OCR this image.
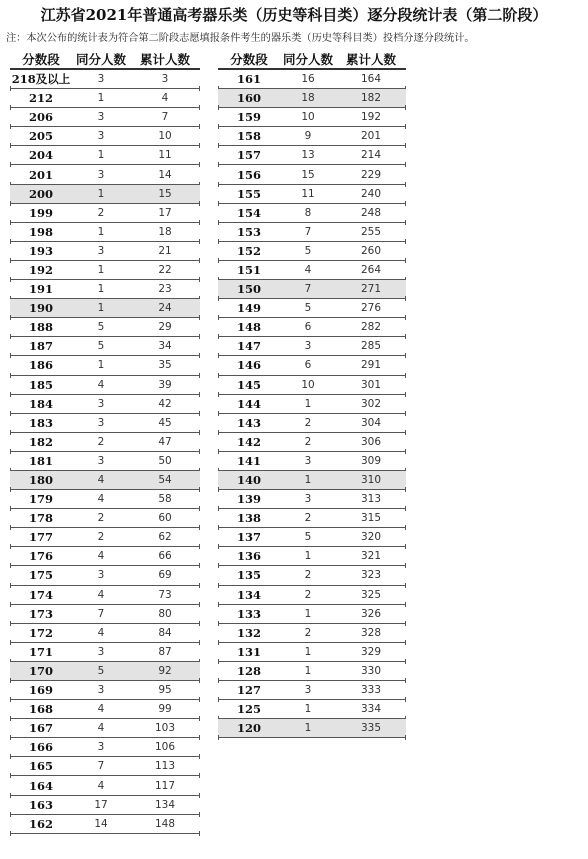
江苏省2021年普通高考器乐类（历史等科目类）逐分段统计表（第二阶段）
注：本次公布的统计表为符合第二阶段志愿填报条件考生的器乐类（历史等科目类）投档分逐分段统计。
分数段	同分人数	累计人数
218及以上	3	3
212	1	4
206	3	7
205	3	10
204	1	11
201	3	14
200	1	15
199	2	17
198	1	18
193	3	21
192	1	22
191	1	23
190	1	24
188	5	29
187	5	34
186	1	35
185	4	39
184	3	42
183	3	45
182	2	47
181	3	50
180	4	54
179	4	58
178	2	60
177	2	62
176	4	66
175	3	69
174	4	73
173	7	80
172	4	84
171	3	87
170	5	92
169	3	95
168	4	99
167	4	103
166	3	106
165	7	113
164	4	117
163	17	134
162	14	148
分数段	同分人数	累计人数
161	16	164
160	18	182
159	10	192
158	9	201
157	13	214
156	15	229
155	11	240
154	8	248
153	7	255
152	5	260
151	4	264
150	7	271
149	5	276
148	6	282
147	3	285
146	6	291
145	10	301
144	1	302
143	2	304
142	2	306
141	3	309
140	1	310
139	3	313
138	2	315
137	5	320
136	1	321
135	2	323
134	2	325
133	1	326
132	2	328
131	1	329
128	1	330
127	3	333
125	1	334
120	1	335
